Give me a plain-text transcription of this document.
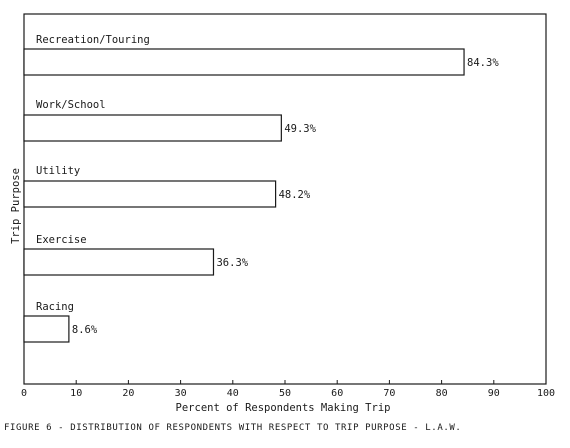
Recreation/Touring
84.3%
Work/School
49.3%
Utility
48.2%
Exercise
36.3%
Racing
8.6%
0	10	20	30	40	50	60	70	80	90	100
Percent of Respondents Making Trip
Trip Purpose
FIGURE 6 - DISTRIBUTION OF RESPONDENTS WITH RESPECT TO TRIP PURPOSE - L.A.W.
